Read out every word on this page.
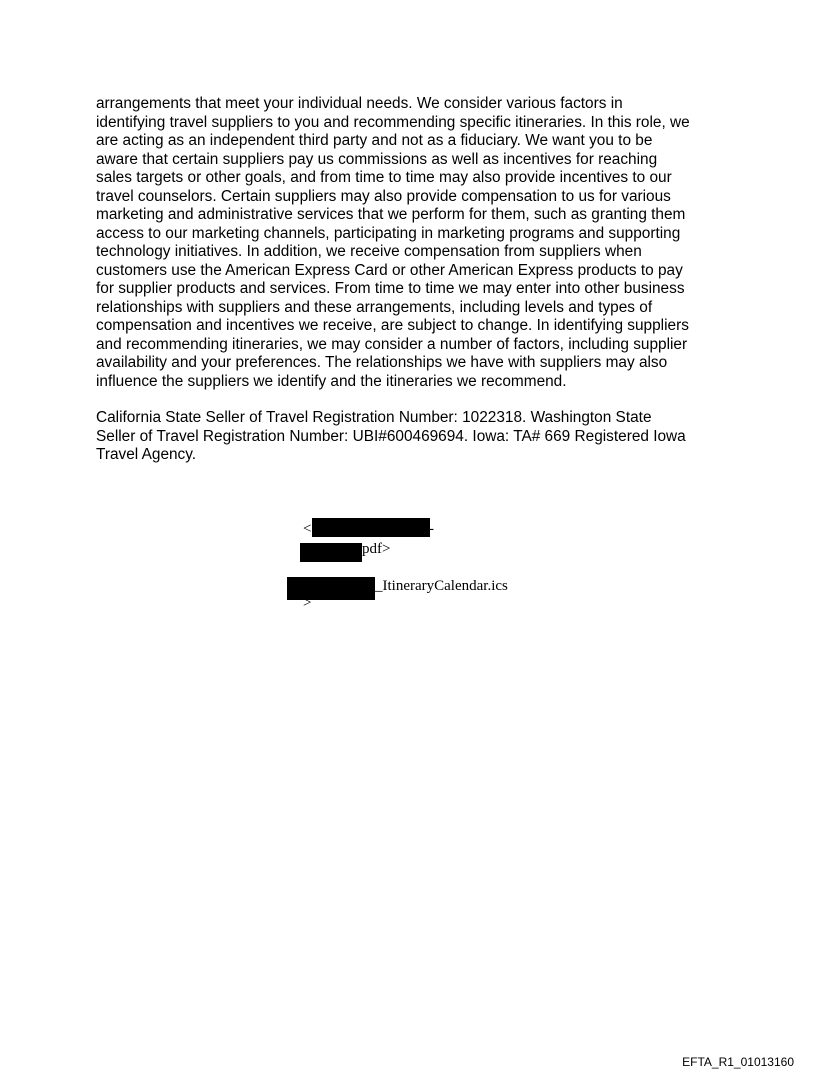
arrangements that meet your individual needs. We consider various factors in
identifying travel suppliers to you and recommending specific itineraries. In this role, we
are acting as an independent third party and not as a fiduciary. We want you to be
aware that certain suppliers pay us commissions as well as incentives for reaching
sales targets or other goals, and from time to time may also provide incentives to our
travel counselors. Certain suppliers may also provide compensation to us for various
marketing and administrative services that we perform for them, such as granting them
access to our marketing channels, participating in marketing programs and supporting
technology initiatives. In addition, we receive compensation from suppliers when
customers use the American Express Card or other American Express products to pay
for supplier products and services. From time to time we may enter into other business
relationships with suppliers and these arrangements, including levels and types of
compensation and incentives we receive, are subject to change. In identifying suppliers
and recommending itineraries, we may consider a number of factors, including supplier
availability and your preferences. The relationships we have with suppliers may also
influence the suppliers we identify and the itineraries we recommend.
California State Seller of Travel Registration Number: 1022318. Washington State
Seller of Travel Registration Number: UBI#600469694. Iowa: TA# 669 Registered Iowa
Travel Agency.
<	-
pdf>
_ItineraryCalendar.ics
>
EFTA_R1_01013160
